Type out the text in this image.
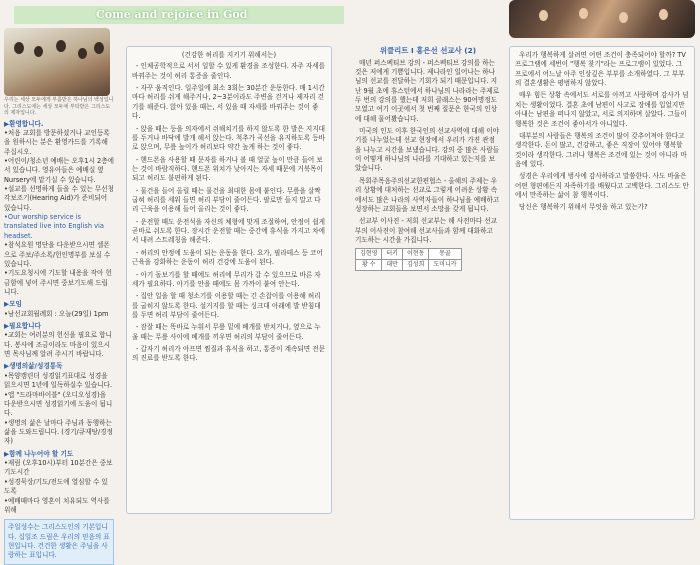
Come and rejoice in God
우리는 세상 모두에게 부름받은 하나님의 백성입니다. 그리스도에는 세상 모두에 부탁받은 그리스도의 제자입니다.
▶환영합니다.
•처음 교회를 방문하셨거나 교인등록을 원하시는 분은 환영카드를 기록해 주십시오.
•어린이/청소년 예배는 오후1시 2층에서 있습니다. 영유아들은 예배실 옆 Nursery에 맡기실 수 있습니다.
•설교를 선명하게 들을 수 있는 무선청각보조기(Hearing Aid)가 준비되어 있습니다.
•Our worship service is translated live into English via headset.
•참석요원 명단을 다운받으시면 셀폰으로 주보/주소록/헌인명부를 보실 수 있습니다.
•기도요청시에 기도할 내용을 작아 헌금함에 넣어 주시면 중보기도해 드립니다.
▶모임
•남선교회월례회 : 오늘(29일) 1pm
▶필요합니다
•교회는 여러분의 헌신을 필요로 합니다. 봉사에 조금이라도 마음이 있으시면 목사님께 알려 주시기 바랍니다.
▶생명의삶/성경통독
•목양캠린더 성경읽기표대로 성경을 읽으시면 1년에 일독하실수 있습니다.
•앱 "드라마바이블" (오디오성경)을 다운받으시면 성경읽기에 도움이 됩니다.
•생명의 삶은 날마다 주님과 동행하는 삶을 도와드립니다. (경기/큐재탕/경정자)
▶함께 나누어야 할 기도
•재림 (오후10시)부터 10분간은 중보기도시간
•성경묵상/기도/전도에 열심할 수 있도록
•예배때마다 영혼이 치유되도 역사를 위해
주일성수는 그리스도인의 기본입니다. 십일조 드림은 우리의 믿음의 표현입니다. 건건한 생활은 주님을 사랑하는 표입니다.
(건강한 허리를 지키기 위해서는)

- 인체공학적으로 서서 일할 수 있게 환경을 조성한다. 자주 자세를 바꿔주는 것이 허리 통증을 줄인다.

- 자꾸 움직인다. 일주일에 최소 3회는 30분간 운동한다. 매 1시간마다 허리를 쉬게 해주거나, 2~3분이라도 주변을 걷거나 제자리 걷기를 해준다. 앉아 있을 때는, 서 있을 때 자세를 바꿔주는 것이 좋다.

- 앉을 때는 등을 의자에서 쉬해치기를 하지 않도록 한 발은 지지대를 두거나 바닥에 발개 해서 앉는다. 척추가 곡선을 유지하도록 등바로 앉으며, 무릎 높이가 허리보다 약간 높게 하는 것이 좋다.

- 핸드폰을 사용할 때 문자를 하거나 볼 때 얼굴 높이 만큼 들어 보는 것이 바람직하다. 핸드폰 위치가 낮아지는 자세 때문에 거북목이 되고 허리도 불편하게 된다.

- 물건을 들어 올릴 때는 물건을 최대한 몸에 붙인다. 무릎을 살짝 굽혀 허리를 세워 들면 허리 부담이 줄어든다. 팔로만 들지 말고 다리 근육을 이용해 들어 올리는 것이 좋다.

- 운전할 때도 운전석을 자신의 체형에 맞게 조절하여, 안정이 쉽게 곧바로 쉬도록 한다. 장시간 운전할 때는 중간에 휴식을 가지고 차에서 내려 스트레칭을 해준다.

- 허리의 안정에 도움이 되는 운동을 한다. 요가, 필라테스 등 코어 근육을 강화하는 운동이 허리 건강에 도움이 된다.

- 아기 돌보기를 할 때에도 허리에 무리가 갈 수 있으므로 바른 자세가 필요하다. 아기를 안을 때에도 몸 가까이 붙여 안는다.

- 집안 일을 할 때 청소기를 이용할 때는 긴 손잡이를 이용해 허리를 굽히지 않도록 한다. 설거지를 할 때는 싱크대 아래에 발 받침대를 두면 허리 부담이 줄어든다.

- 잠잘 때는 똑바로 누워서 무릎 밑에 베개를 받치거나, 옆으로 누울 때는 무릎 사이에 베개를 끼우면 허리의 부담이 줄어든다.

- 갑자기 허리가 아프면 찜질과 휴식을 하고, 통증이 계속되면 전문의 진료를 받도록 한다.

위클리트 I 홍은선 선교사 (2)

매년 퍼스펙티브 강의 - 퍼스펙티브 강의를 하는 것은 저에게 기쁨입니다. 제나라인 일어나는 하나님의 선교를 전달하는 기회가 되기 때문입니다. 지난 9월 초에 휴스턴에서 하나님의 나라라는 주제로 두 번의 강의를 했는데 저희 클래스는 90여명정도 모였고 여기 이곳에서 첫 번째 질문은 한국의 인상에 대해 물어봤습니다.

미국의 인도 이후 한국인의 선교사역에 대해 이야기를 나누었는데 선교 현장에서 우리가 가진 관점을 나누고 시간을 보냈습니다. 강의 중 많은 사람들이 어떻게 하나님의 나라를 기대하고 있는지를 보았습니다.

목회주목음주의선교한편협스 - 올해의 주제는 우리 상황에 대처하는 선교로 그렇게 어려운 상황 속에서도 많은 나라의 사역자들이 하나님을 예배하고 성장하는 교회들을 보면서 소망을 갖게 됩니다.

선교부 이사진 - 저희 선교부는 해 사전마다 선교부의 이사진이 참여해 선교사들과 함께 대화하고 기도하는 시간을 가집니다.

김현영	터키	이현동	몽골
황 수	대만	김성희	도미니카

우리가 행복하게 살려면 어떤 조건이 충족되어야 할까? TV프로그램에 세번이 "행복 찾기"라는 프로그램이 있었다. 그 프로에서 어느날 아주 인상깊은 부부를 소개하였다. 그 부부의 결혼생활은 평범하지 않았다.

매우 힘든 상황 속에서도 서로를 아끼고 사랑하며 감사가 넘치는 생활이었다. 결혼 초에 남편이 사고로 장애를 입었지만 아내는 남편을 떠나지 않았고, 서로 의지하며 살았다. 그들이 행복한 것은 조건이 좋아서가 아니었다.

대부분의 사람들은 행복의 조건이 많이 갖추어져야 한다고 생각한다. 돈이 많고, 건강하고, 좋은 직장이 있어야 행복할 것이라 생각한다. 그러나 행복은 조건에 있는 것이 아니라 마음에 있다.

성경은 우리에게 범사에 감사하라고 말씀한다. 사도 바울은 어떤 형편에든지 자족하기를 배웠다고 고백한다. 그리스도 안에서 만족하는 삶이 참 행복이다.

당신은 행복하기 위해서 무엇을 하고 있는가?
